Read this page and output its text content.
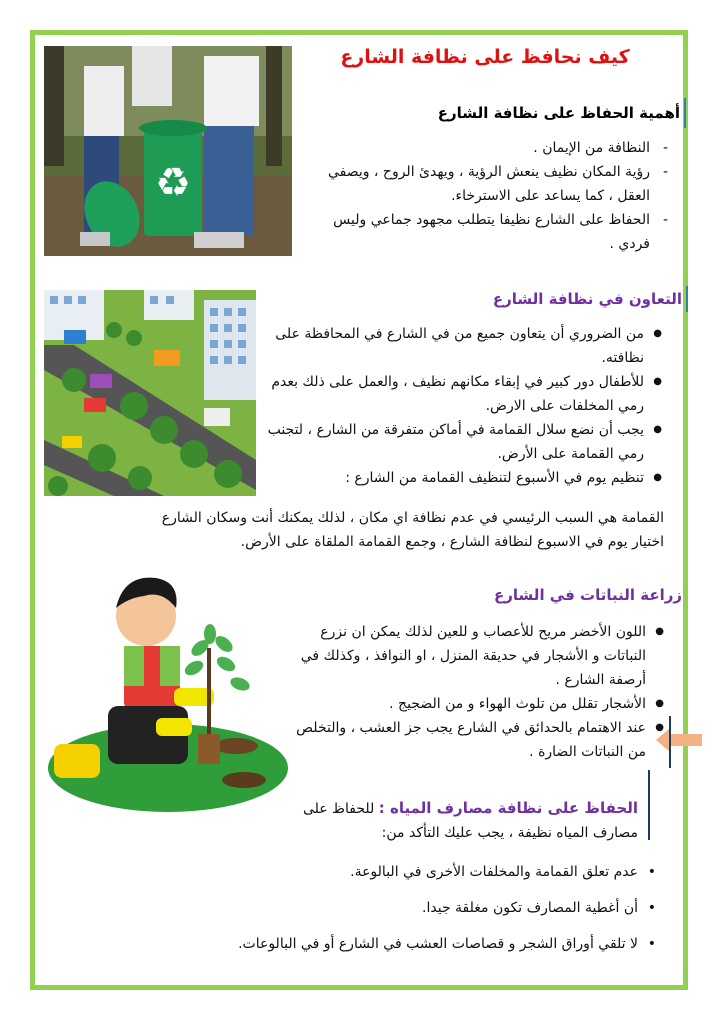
♻
كيف نحافظ على نظافة الشارع
أهمية الحفاظ على نظافة الشارع
- النظافة من الإيمان .
- رؤية المكان نظيف ينعش الرؤية ، ويهدئ الروح ، ويصفي العقل ، كما يساعد على الاسترخاء.
- الحفاظ على الشارع نظيفا يتطلب مجهود جماعي وليس فردي .
التعاون في نظافة الشارع
● من الضروري أن يتعاون جميع من في الشارع في المحافظة على نظافته.
● للأطفال دور كبير في إبقاء مكانهم نظيف ، والعمل على ذلك بعدم رمي المخلفات على الارض.
● يجب أن نضع سلال القمامة في أماكن متفرقة من الشارع ، لتجنب رمي القمامة على الأرض.
● تنظيم يوم في الأسبوع لتنظيف القمامة من الشارع :
القمامة هي السبب الرئيسي في عدم نظافة اي مكان ، لذلك يمكنك أنت وسكان الشارع اختيار يوم في الاسبوع لنظافة الشارع ، وجمع القمامة الملقاة على الأرض.
زراعة النباتات في الشارع
● اللون الأخضر مريح للأعصاب و للعين لذلك يمكن ان نزرع النباتات و الأشجار في حديقة المنزل ، او النوافذ ، وكذلك في أرصفة الشارع .
● الأشجار تقلل من تلوث الهواء و من الضجيج .
● عند الاهتمام بالحدائق في الشارع يجب جز العشب ، والتخلص من النباتات الضارة .
الحفاظ على نظافة مصارف المياه : للحفاظ على مصارف المياه نظيفة ، يجب عليك التأكد من:
• عدم تعلق القمامة والمخلفات الأخرى في البالوعة.
• أن أغطية المصارف تكون مغلقة جيدا.
• لا تلقي أوراق الشجر و قصاصات العشب في الشارع أو في البالوعات.
